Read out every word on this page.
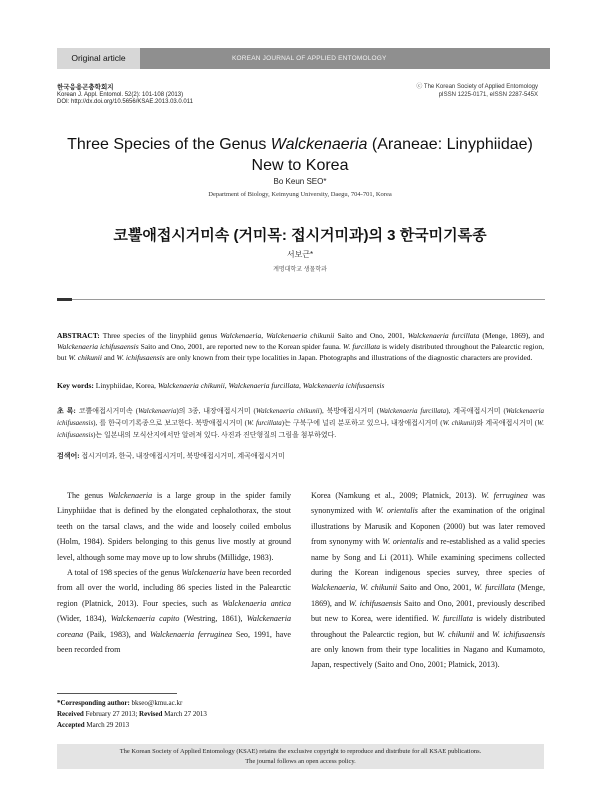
Original article	KOREAN JOURNAL OF APPLIED ENTOMOLOGY
한국응용곤충학회지
Korean J. Appl. Entomol. 52(2): 101-108 (2013)
DOI: http://dx.doi.org/10.5656/KSAE.2013.03.0.011
ⓒ The Korean Society of Applied Entomology
pISSN 1225-0171, eISSN 2287-545X
Three Species of the Genus Walckenaeria (Araneae: Linyphiidae)
New to Korea
Bo Keun SEO*
Department of Biology, Keimyung University, Daegu, 704-701, Korea
코뿔애접시거미속 (거미목: 접시거미과)의 3 한국미기록종
서보근*
계명대학교 생물학과
ABSTRACT: Three species of the linyphiid genus Walckenaeria, Walckenaeria chikunii Saito and Ono, 2001, Walckenaeria furcillata (Menge, 1869), and Walckenaeria ichifusaensis Saito and Ono, 2001, are reported new to the Korean spider fauna. W. furcillata is widely distributed throughout the Palearctic region, but W. chikunii and W. ichifusaensis are only known from their type localities in Japan. Photographs and illustrations of the diagnostic characters are provided.
Key words: Linyphiidae, Korea, Walckenaeria chikunii, Walckenaeria furcillata, Walckenaeria ichifusaensis
초 록: 코뿔애접시거미속 (Walckenaeria)의 3종, 내장애접시거미 (Walckenaeria chikunii), 북방애접시거미 (Walckenaeria furcillata), 계곡애접시거미 (Walckenaeria ichifusaensis), 를 한국미기록종으로 보고한다. 북방애접시거미 (W. furcillata)는 구북구에 널리 분포하고 있으나, 내장애접시거미 (W. chikunii)와 계곡애접시거미 (W. ichifusaensis)는 일본내의 모식산지에서만 알려져 있다. 사진과 진단형질의 그림을 첨부하였다.
검색어: 접시거미과, 한국, 내장애접시거미, 북방애접시거미, 계곡애접시거미

The genus Walckenaeria is a large group in the spider family Linyphiidae that is defined by the elongated cephalothorax, the stout teeth on the tarsal claws, and the wide and loosely coiled embolus (Holm, 1984). Spiders belonging to this genus live mostly at ground level, although some may move up to low shrubs (Millidge, 1983).

A total of 198 species of the genus Walckenaeria have been recorded from all over the world, including 86 species listed in the Palearctic region (Platnick, 2013). Four species, such as Walckenaeria antica (Wider, 1834), Walckenaeria capito (Westring, 1861), Walckenaeria coreana (Paik, 1983), and Walckenaeria ferruginea Seo, 1991, have been recorded from

Korea (Namkung et al., 2009; Platnick, 2013). W. ferruginea was synonymized with W. orientalis after the examination of the original illustrations by Marusik and Koponen (2000) but was later removed from synonymy with W. orientalis and re-established as a valid species name by Song and Li (2011). While examining specimens collected during the Korean indigenous species survey, three species of Walckenaeria, W. chikunii Saito and Ono, 2001, W. furcillata (Menge, 1869), and W. ichifusaensis Saito and Ono, 2001, previously described but new to Korea, were identified. W. furcillata is widely distributed throughout the Palearctic region, but W. chikunii and W. ichifusaensis are only known from their type localities in Nagano and Kumamoto, Japan, respectively (Saito and Ono, 2001; Platnick, 2013).

*Corresponding author: bkseo@kmu.ac.kr
Received February 27 2013; Revised March 27 2013
Accepted March 29 2013
The Korean Society of Applied Entomology (KSAE) retains the exclusive copyright to reproduce and distribute for all KSAE publications.
The journal follows an open access policy.
